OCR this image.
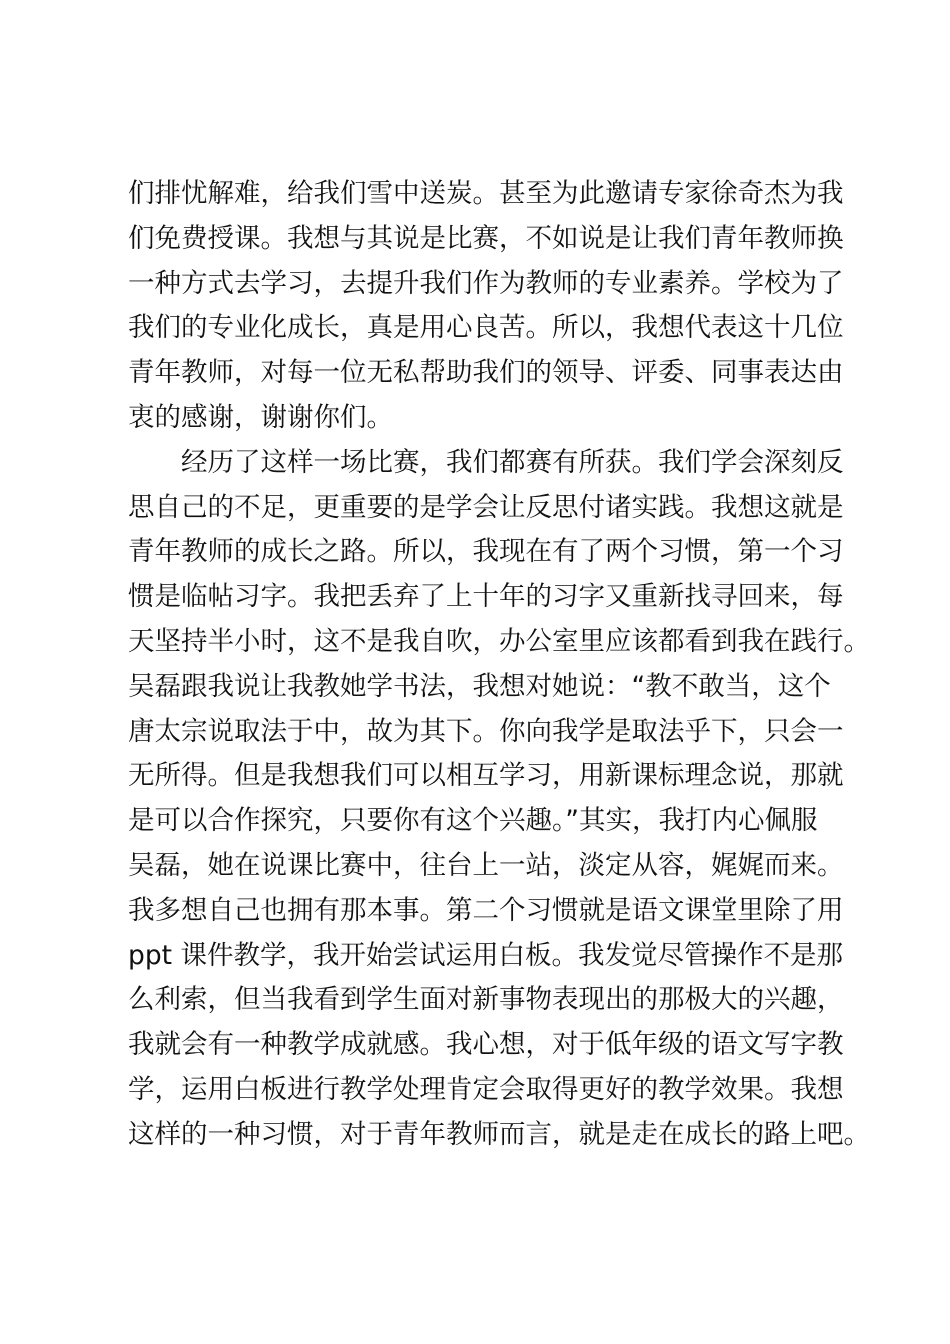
们排忧解难，给我们雪中送炭。甚至为此邀请专家徐奇杰为我
们免费授课。我想与其说是比赛，不如说是让我们青年教师换
一种方式去学习，去提升我们作为教师的专业素养。学校为了
我们的专业化成长，真是用心良苦。所以，我想代表这十几位
青年教师，对每一位无私帮助我们的领导、评委、同事表达由
衷的感谢，谢谢你们。
经历了这样一场比赛，我们都赛有所获。我们学会深刻反
思自己的不足，更重要的是学会让反思付诸实践。我想这就是
青年教师的成长之路。所以，我现在有了两个习惯，第一个习
惯是临帖习字。我把丢弃了上十年的习字又重新找寻回来，每
天坚持半小时，这不是我自吹，办公室里应该都看到我在践行。
吴磊跟我说让我教她学书法，我想对她说：“教不敢当，这个
唐太宗说取法于中，故为其下。你向我学是取法乎下，只会一
无所得。但是我想我们可以相互学习，用新课标理念说，那就
是可以合作探究，只要你有这个兴趣。”其实，我打内心佩服
吴磊，她在说课比赛中，往台上一站，淡定从容，娓娓而来。
我多想自己也拥有那本事。第二个习惯就是语文课堂里除了用
ppt 课件教学，我开始尝试运用白板。我发觉尽管操作不是那
么利索，但当我看到学生面对新事物表现出的那极大的兴趣，
我就会有一种教学成就感。我心想，对于低年级的语文写字教
学，运用白板进行教学处理肯定会取得更好的教学效果。我想
这样的一种习惯，对于青年教师而言，就是走在成长的路上吧。
